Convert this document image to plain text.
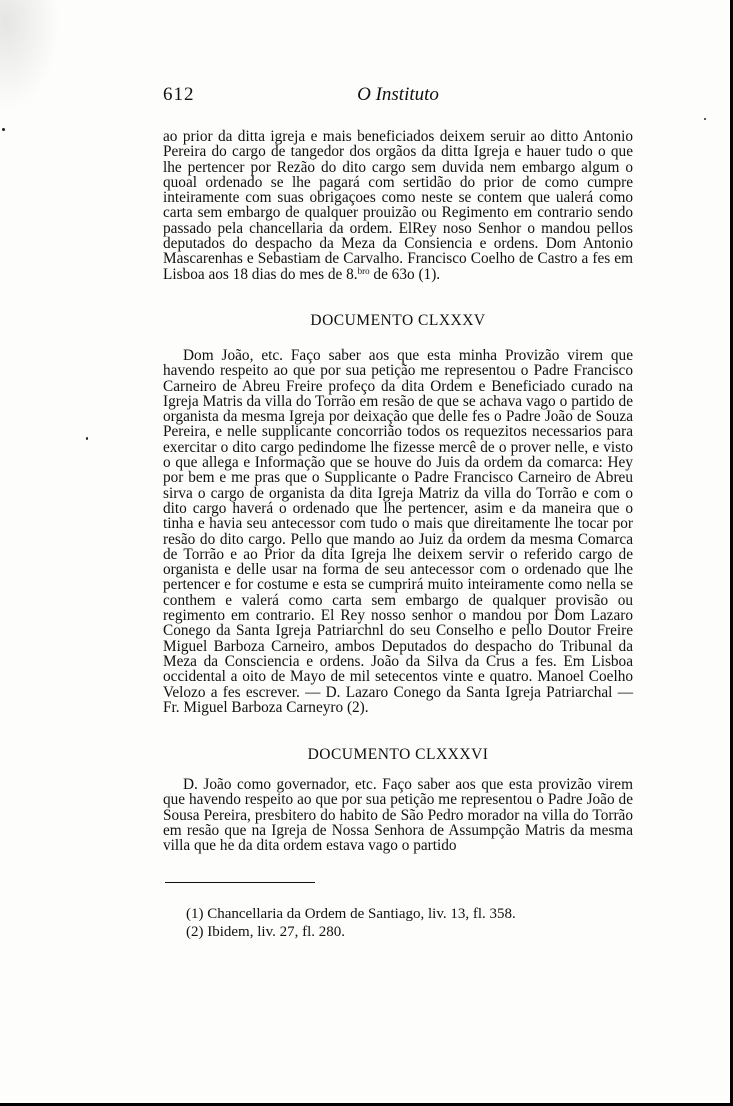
612	O Instituto

ao prior da ditta igreja e mais beneficiados deixem seruir ao ditto Antonio Pereira do cargo de tangedor dos orgãos da ditta Igreja e hauer tudo o que lhe pertencer por Rezão do dito cargo sem duvida nem embargo algum o quoal ordenado se lhe pagará com sertidão do prior de como cumpre inteiramente com suas obrigaçoes como neste se contem que ualerá como carta sem embargo de qualquer prouizão ou Regimento em contrario sendo passado pela chancellaria da ordem. ElRey noso Senhor o mandou pellos deputados do despacho da Meza da Consiencia e ordens. Dom Antonio Mascarenhas e Sebastiam de Carvalho. Francisco Coelho de Castro a fes em Lisboa aos 18 dias do mes de 8.$^{bro}$ de 63o (1).

DOCUMENTO CLXXXV

Dom João, etc. Faço saber aos que esta minha Provizão virem que havendo respeito ao que por sua petição me representou o Padre Francisco Carneiro de Abreu Freire profeço da dita Ordem e Beneficiado curado na Igreja Matris da villa do Torrão em resão de que se achava vago o partido de organista da mesma Igreja por deixação que delle fes o Padre João de Souza Pereira, e nelle supplicante concorrião todos os requezitos necessarios para exercitar o dito cargo pedindome lhe fizesse mercê de o prover nelle, e visto o que allega e Informação que se houve do Juis da ordem da comarca: Hey por bem e me pras que o Supplicante o Padre Francisco Carneiro de Abreu sirva o cargo de organista da dita Igreja Matriz da villa do Torrão e com o dito cargo haverá o ordenado que lhe pertencer, asim e da maneira que o tinha e havia seu antecessor com tudo o mais que direitamente lhe tocar por resão do dito cargo. Pello que mando ao Juiz da ordem da mesma Comarca de Torrão e ao Prior da dita Igreja lhe deixem servir o referido cargo de organista e delle usar na forma de seu antecessor com o ordenado que lhe pertencer e for costume e esta se cumprirá muito inteiramente como nella se conthem e valerá como carta sem embargo de qualquer provisão ou regimento em contrario. El Rey nosso senhor o mandou por Dom Lazaro Conego da Santa Igreja Patriarchnl do seu Conselho e pello Doutor Freire Miguel Barboza Carneiro, ambos Deputados do despacho do Tribunal da Meza da Consciencia e ordens. João da Silva da Crus a fes. Em Lisboa occidental a oito de Mayo de mil setecentos vinte e quatro. Manoel Coelho Velozo a fes escrever. — D. Lazaro Conego da Santa Igreja Patriarchal — Fr. Miguel Barboza Carneyro (2).

DOCUMENTO CLXXXVI

D. João como governador, etc. Faço saber aos que esta provizão virem que havendo respeito ao que por sua petição me representou o Padre João de Sousa Pereira, presbitero do habito de São Pedro morador na villa do Torrão em resão que na Igreja de Nossa Senhora de Assumpção Matris da mesma villa que he da dita ordem estava vago o partido

(1) Chancellaria da Ordem de Santiago, liv. 13, fl. 358.
(2) Ibidem, liv. 27, fl. 280.
